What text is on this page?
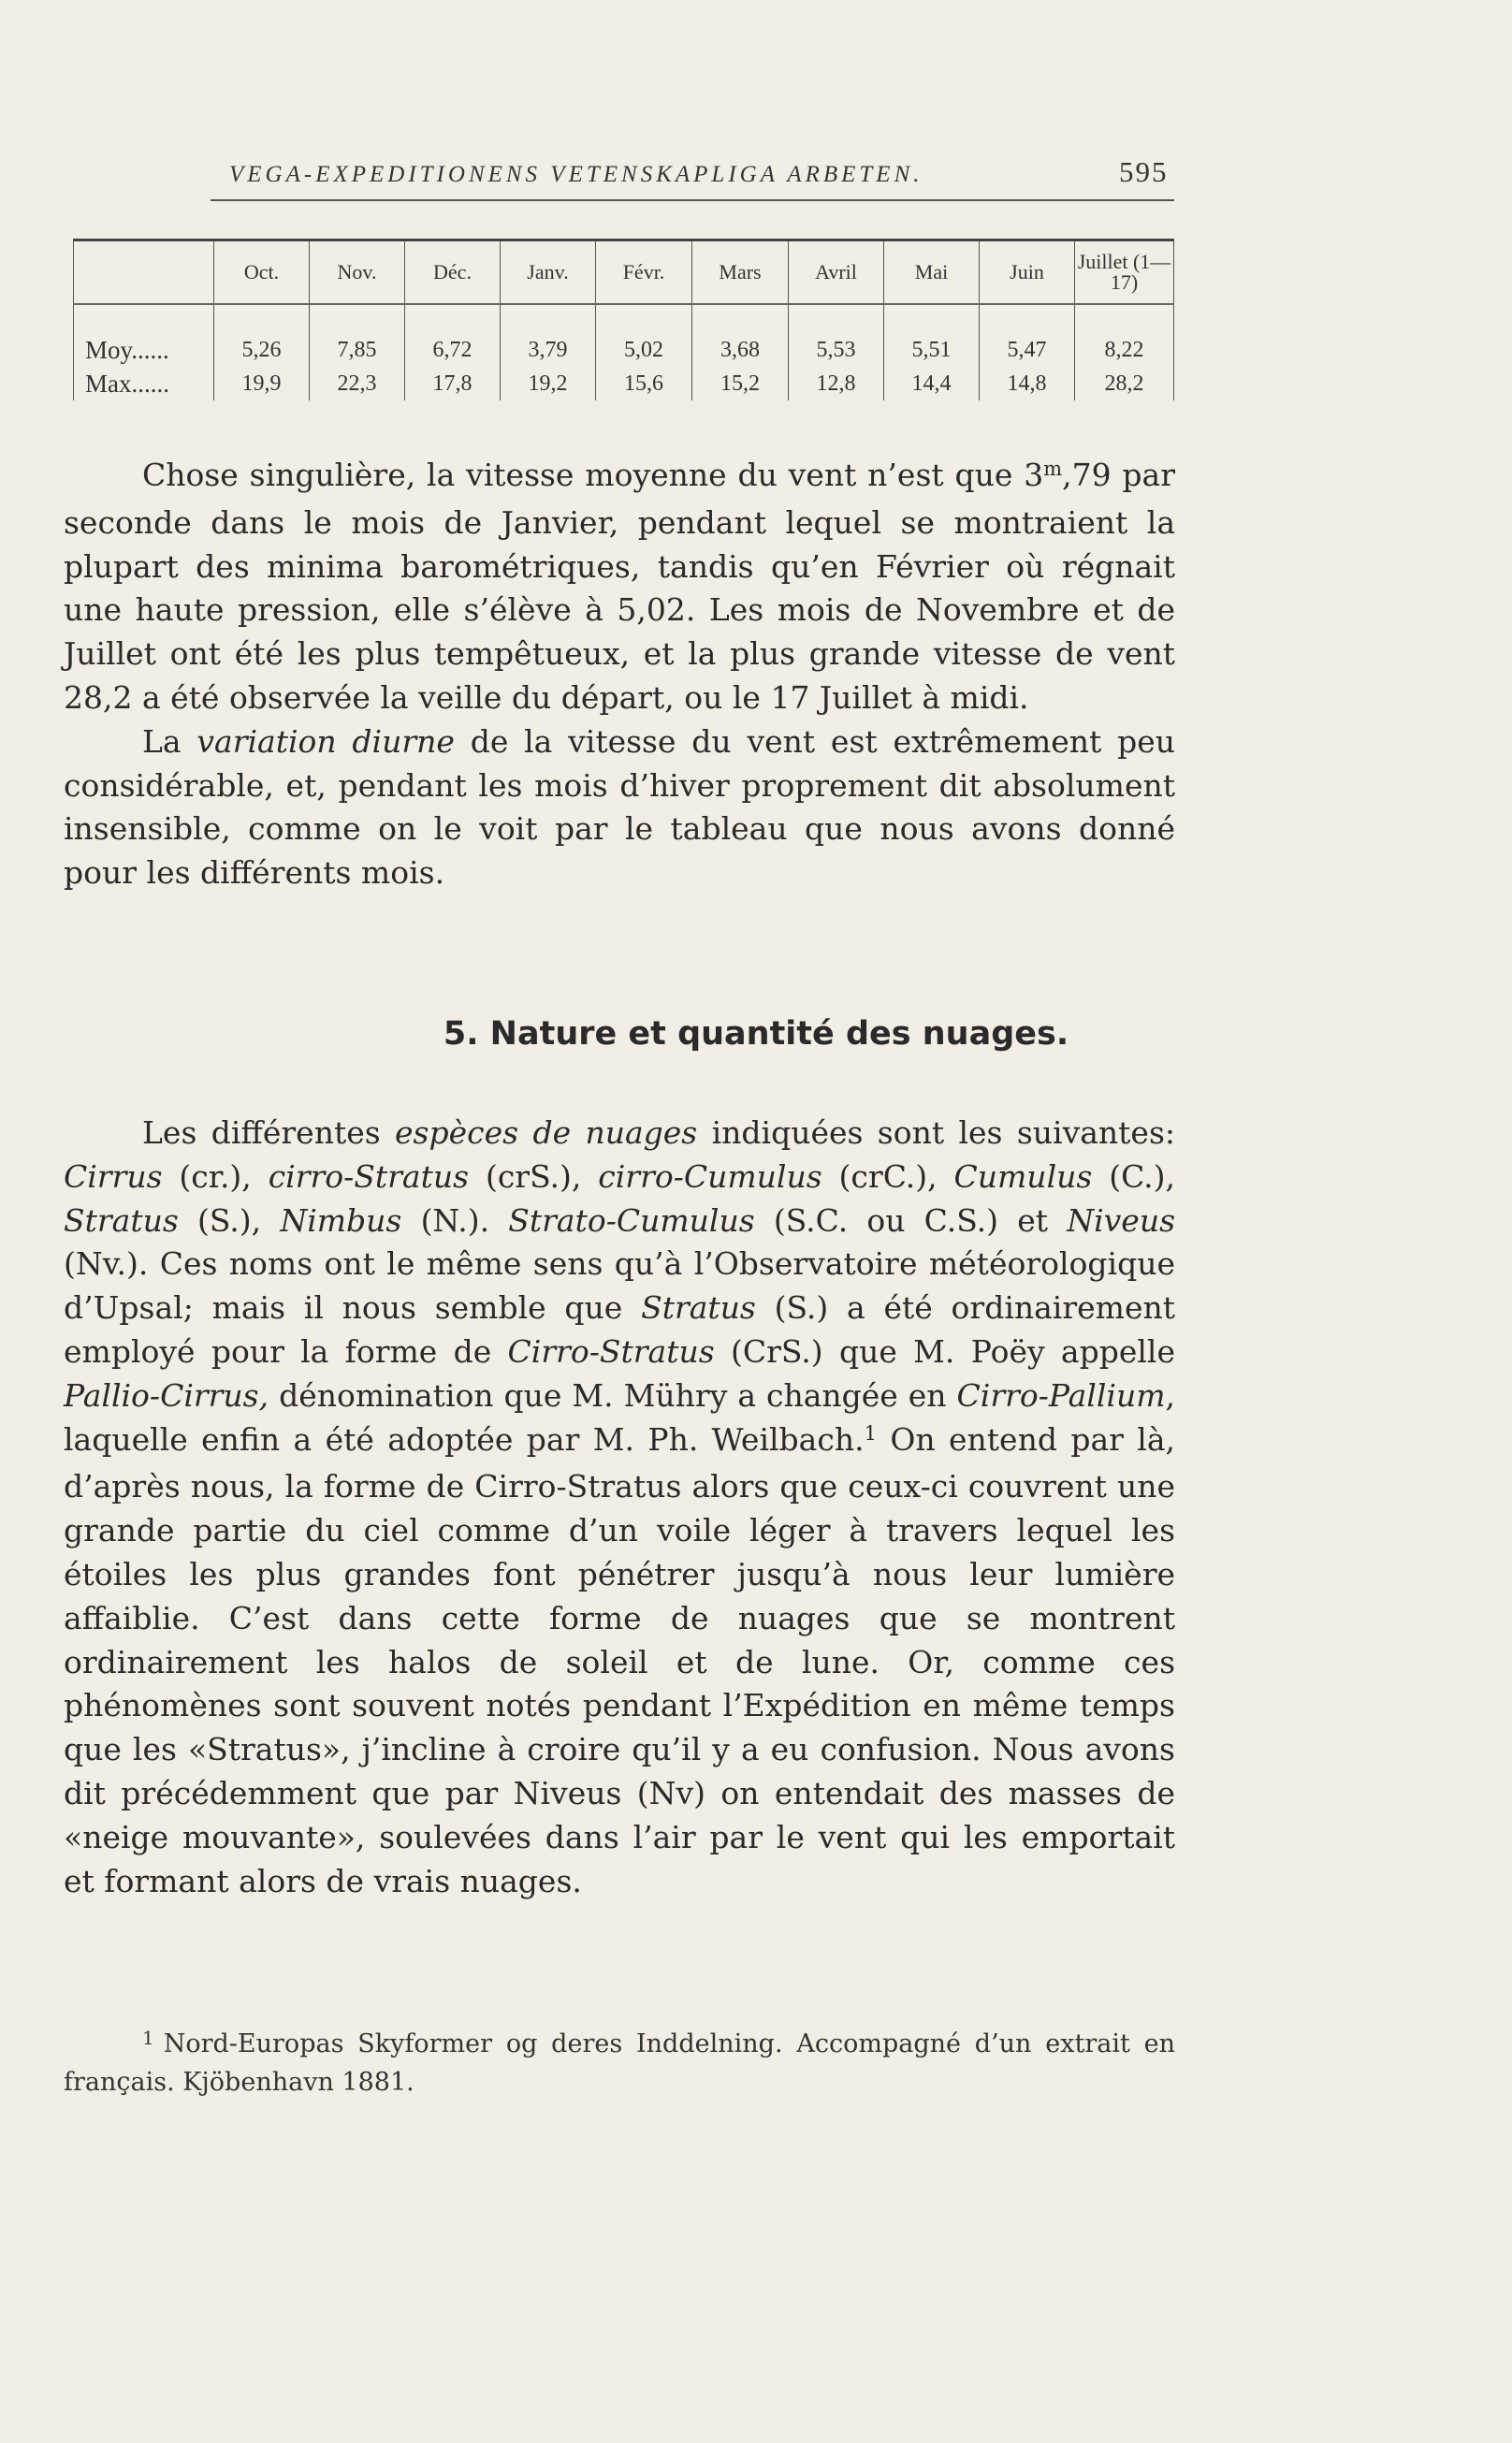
VEGA-EXPEDITIONENS VETENSKAPLIGA ARBETEN.	595
	Oct.	Nov.	Déc.	Janv.	Févr.	Mars	Avril	Mai	Juin	Juillet (1—17)
Moy......	5,26	7,85	6,72	3,79	5,02	3,68	5,53	5,51	5,47	8,22
Max......	19,9	22,3	17,8	19,2	15,6	15,2	12,8	14,4	14,8	28,2

Chose singulière, la vitesse moyenne du vent n’est que 3$^m$,79 par seconde dans le mois de Janvier, pendant lequel se montraient la plupart des minima barométriques, tandis qu’en Février où régnait une haute pression, elle s’élève à 5,02. Les mois de Novembre et de Juillet ont été les plus tempêtueux, et la plus grande vitesse de vent 28,2 a été observée la veille du départ, ou le 17 Juillet à midi.

La variation diurne de la vitesse du vent est extrêmement peu considérable, et, pendant les mois d’hiver proprement dit absolument insensible, comme on le voit par le tableau que nous avons donné pour les différents mois.

5. Nature et quantité des nuages.

Les différentes espèces de nuages indiquées sont les suivantes: Cirrus (cr.), cirro-Stratus (crS.), cirro-Cumulus (crC.), Cumulus (C.), Stratus (S.), Nimbus (N.). Strato-Cumulus (S.C. ou C.S.) et Niveus (Nv.). Ces noms ont le même sens qu’à l’Observatoire météorologique d’Upsal; mais il nous semble que Stratus (S.) a été ordinairement employé pour la forme de Cirro-Stratus (CrS.) que M. Poëy appelle Pallio-Cirrus, dénomination que M. Mühry a changée en Cirro-Pallium, laquelle enfin a été adoptée par M. Ph. Weilbach.$^1$ On entend par là, d’après nous, la forme de Cirro-Stratus alors que ceux-ci couvrent une grande partie du ciel comme d’un voile léger à travers lequel les étoiles les plus grandes font pénétrer jusqu’à nous leur lumière affaiblie. C’est dans cette forme de nuages que se montrent ordinairement les halos de soleil et de lune. Or, comme ces phénomènes sont souvent notés pendant l’Expédition en même temps que les «Stratus», j’incline à croire qu’il y a eu confusion. Nous avons dit précédemment que par Niveus (Nv) on entendait des masses de «neige mouvante», soulevées dans l’air par le vent qui les emportait et formant alors de vrais nuages.

$^1$ Nord-Europas Skyformer og deres Inddelning. Accompagné d’un extrait en français. Kjöbenhavn 1881.
